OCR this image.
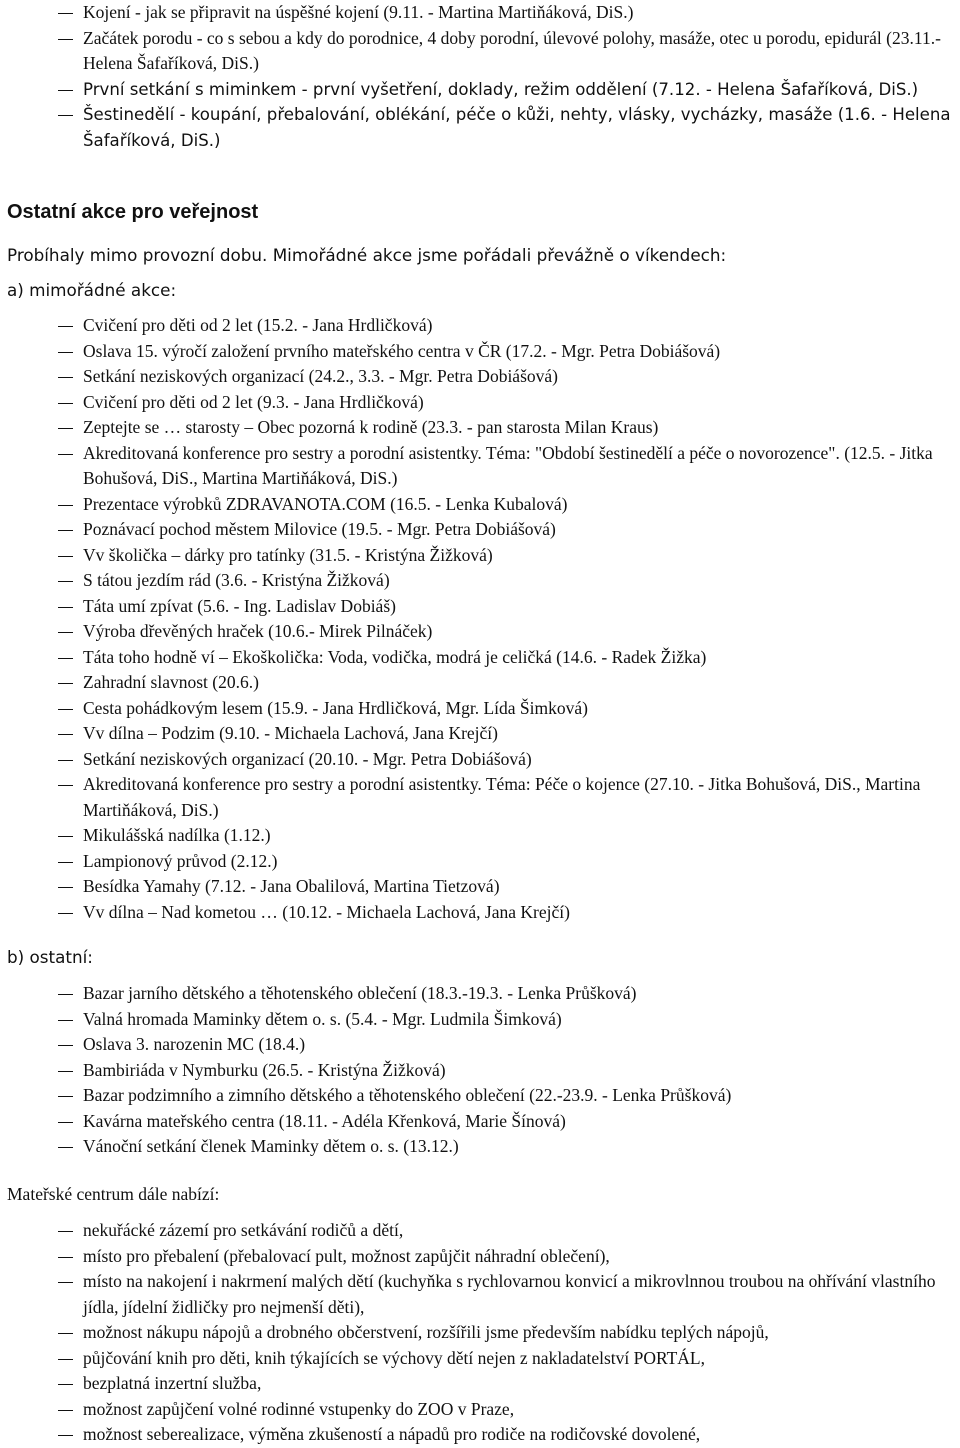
Kojení - jak se připravit na úspěšné kojení (9.11. - Martina Martiňáková, DiS.)
Začátek porodu - co s sebou a kdy do porodnice, 4 doby porodní, úlevové polohy, masáže, otec u porodu, epidurál (23.11.- Helena Šafaříková, DiS.)
První setkání s miminkem - první vyšetření, doklady, režim oddělení (7.12. - Helena Šafaříková, DiS.)
Šestinedělí - koupání, přebalování, oblékání, péče o kůži, nehty, vlásky, vycházky, masáže (1.6. - Helena Šafaříková, DiS.)
Ostatní akce pro veřejnost

Probíhaly mimo provozní dobu. Mimořádné akce jsme pořádali převážně o víkendech:

a) mimořádné akce:

Cvičení pro děti od 2 let (15.2. - Jana Hrdličková)
Oslava 15. výročí založení prvního mateřského centra v ČR (17.2. - Mgr. Petra Dobiášová)
Setkání neziskových organizací (24.2., 3.3. - Mgr. Petra Dobiášová)
Cvičení pro děti od 2 let (9.3. - Jana Hrdličková)
Zeptejte se … starosty – Obec pozorná k rodině (23.3. - pan starosta Milan Kraus)
Akreditovaná konference pro sestry a porodní asistentky. Téma: "Období šestinedělí a péče o novorozence". (12.5. - Jitka Bohušová, DiS., Martina Martiňáková, DiS.)
Prezentace výrobků ZDRAVANOTA.COM (16.5. - Lenka Kubalová)
Poznávací pochod městem Milovice (19.5. - Mgr. Petra Dobiášová)
Vv školička – dárky pro tatínky (31.5. - Kristýna Žižková)
S tátou jezdím rád (3.6. - Kristýna Žižková)
Táta umí zpívat (5.6. - Ing. Ladislav Dobiáš)
Výroba dřevěných hraček (10.6.- Mirek Pilnáček)
Táta toho hodně ví – Ekoškolička: Voda, vodička, modrá je celičká (14.6. - Radek Žižka)
Zahradní slavnost (20.6.)
Cesta pohádkovým lesem (15.9. - Jana Hrdličková, Mgr. Lída Šimková)
Vv dílna – Podzim (9.10. - Michaela Lachová, Jana Krejčí)
Setkání neziskových organizací (20.10. - Mgr. Petra Dobiášová)
Akreditovaná konference pro sestry a porodní asistentky. Téma: Péče o kojence (27.10. - Jitka Bohušová, DiS., Martina Martiňáková, DiS.)
Mikulášská nadílka (1.12.)
Lampionový průvod (2.12.)
Besídka Yamahy (7.12. - Jana Obalilová, Martina Tietzová)
Vv dílna – Nad kometou … (10.12. - Michaela Lachová, Jana Krejčí)

b) ostatní:

Bazar jarního dětského a těhotenského oblečení (18.3.-19.3. - Lenka Průšková)
Valná hromada Maminky dětem o. s. (5.4. - Mgr. Ludmila Šimková)
Oslava 3. narozenin MC (18.4.)
Bambiriáda v Nymburku (26.5. - Kristýna Žižková)
Bazar podzimního a zimního dětského a těhotenského oblečení (22.-23.9. - Lenka Průšková)
Kavárna mateřského centra (18.11. - Adéla Křenková, Marie Šínová)
Vánoční setkání členek Maminky dětem o. s. (13.12.)

Mateřské centrum dále nabízí:

nekuřácké zázemí pro setkávání rodičů a dětí,
místo pro přebalení (přebalovací pult, možnost zapůjčit náhradní oblečení),
místo na nakojení i nakrmení malých dětí (kuchyňka s rychlovarnou konvicí a mikrovlnnou troubou na ohřívání vlastního jídla, jídelní židličky pro nejmenší děti),
možnost nákupu nápojů a drobného občerstvení, rozšířili jsme především nabídku teplých nápojů,
půjčování knih pro děti, knih týkajících se výchovy dětí nejen z nakladatelství PORTÁL,
bezplatná inzertní služba,
možnost zapůjčení volné rodinné vstupenky do ZOO v Praze,
možnost seberealizace, výměna zkušeností a nápadů pro rodiče na rodičovské dovolené,
